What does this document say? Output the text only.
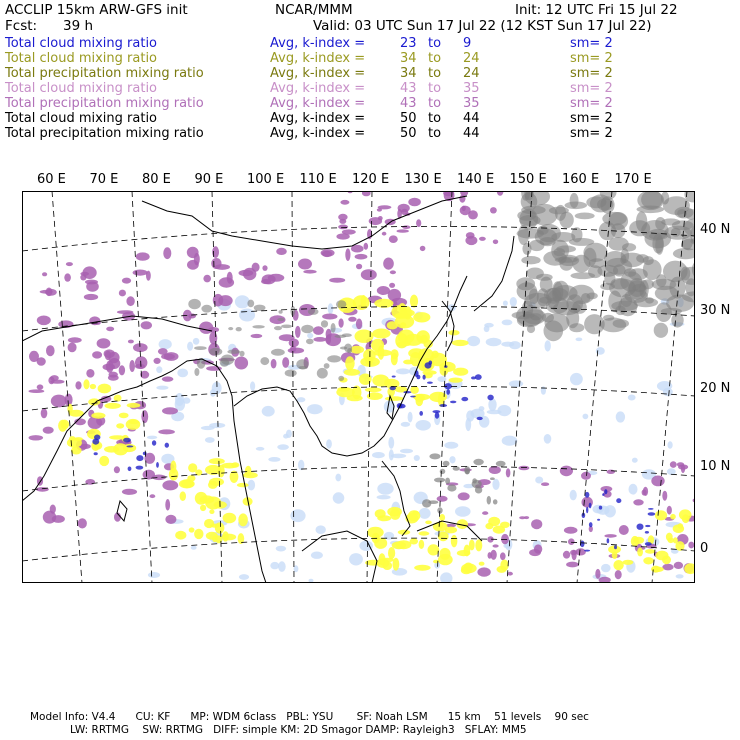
ACCLIP 15km ARW-GFS init	NCAR/MMM	Init: 12 UTC Fri 15 Jul 22
Fcst: 39 h	Valid: 03 UTC Sun 17 Jul 22 (12 KST Sun 17 Jul 22)
Total cloud mixing ratio	Avg, k-index =	23 to 9	sm= 2
Total cloud mixing ratio	Avg, k-index =	34 to 24	sm= 2
Total precipitation mixing ratio	Avg, k-index =	34 to 24	sm= 2
Total cloud mixing ratio	Avg, k-index =	43 to 35	sm= 2
Total precipitation mixing ratio	Avg, k-index =	43 to 35	sm= 2
Total cloud mixing ratio	Avg, k-index =	50 to 44	sm= 2
Total precipitation mixing ratio	Avg, k-index =	50 to 44	sm= 2
60 E 70 E 80 E 90 E 100 E 110 E 120 E 130 E 140 E 150 E 160 E 170 E
40 N
30 N
20 N
10 N
0
Model Info: V4.4      CU: KF      MP: WDM 6class   PBL: YSU       SF: Noah LSM      15 km    51 levels    90 sec
LW: RRTMG    SW: RRTMG   DIFF: simple KM: 2D Smagor DAMP: Rayleigh3   SFLAY: MM5
